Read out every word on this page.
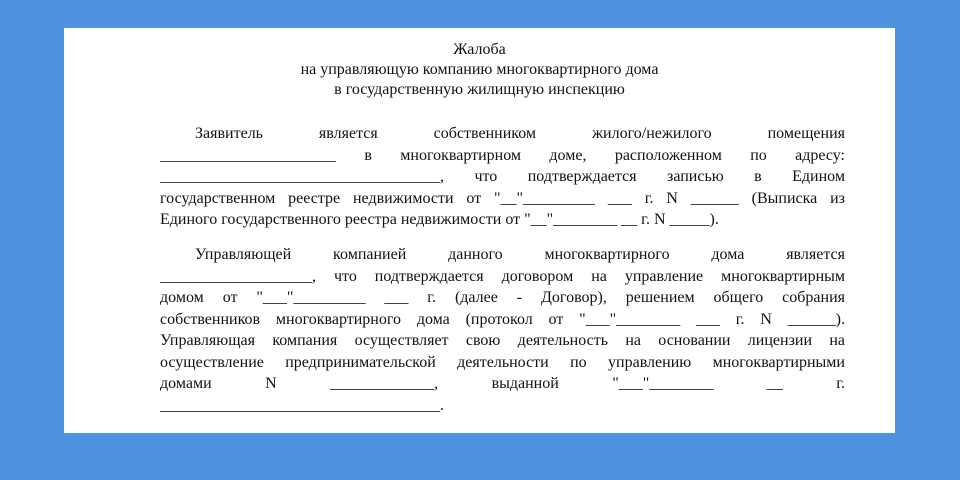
Жалоба
на управляющую компанию многоквартирного дома
в государственную жилищную инспекцию
Заявитель является собственником жилого/нежилого помещения
______________________ в многоквартирном доме, расположенном по адресу:
___________________________________, что подтверждается записью в Едином
государственном реестре недвижимости от "__"_________ ___ г. N ______ (Выписка из
Единого государственного реестра недвижимости от "__"________ __ г. N _____).
Управляющей компанией данного многоквартирного дома является
___________________, что подтверждается договором на управление многоквартирным
домом от "___"_________ ___ г. (далее - Договор), решением общего собрания
собственников многоквартирного дома (протокол от "___"________ ___ г. N ______).
Управляющая компания осуществляет свою деятельность на основании лицензии на
осуществление предпринимательской деятельности по управлению многоквартирными
домами N _____________, выданной "___"________ __ г.
___________________________________.
